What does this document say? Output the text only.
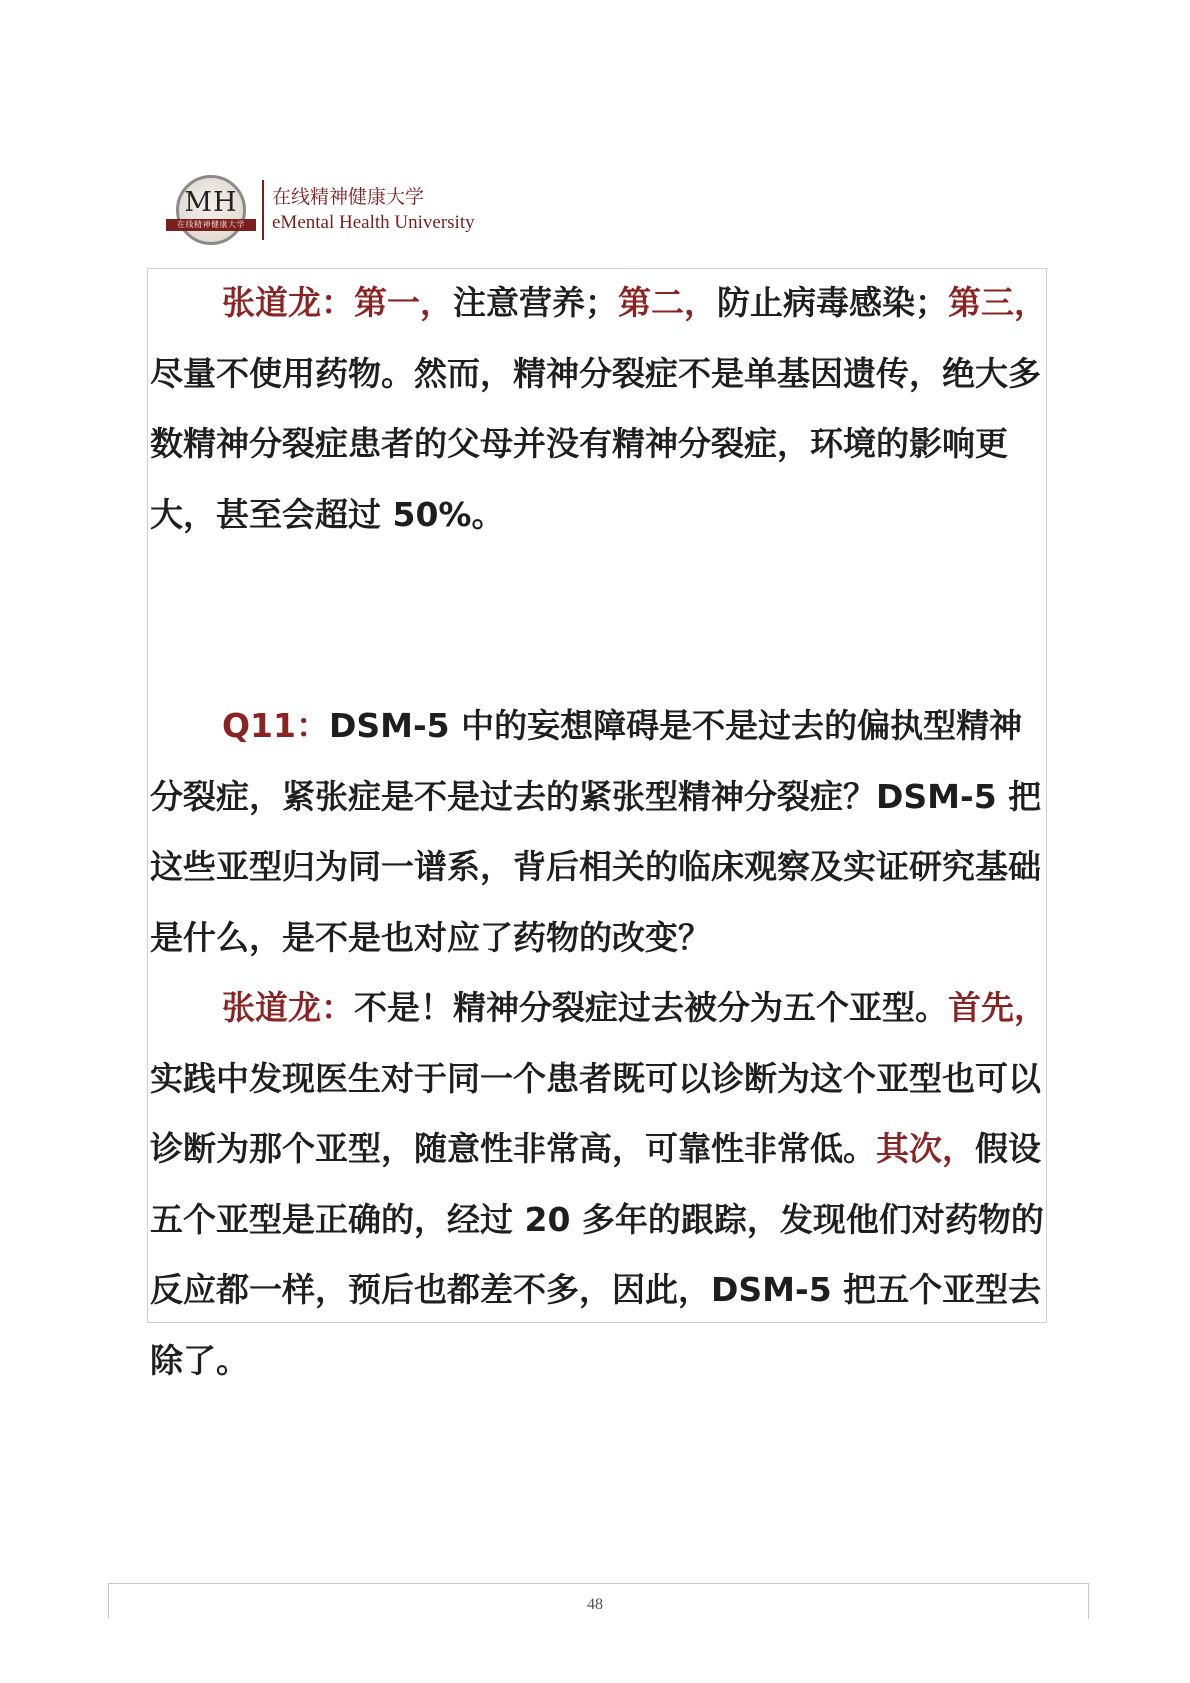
MH
在线精神健康大学
在线精神健康大学
eMental Health University

张道龙：第一，注意营养；第二，防止病毒感染；第三，尽量不使用药物。然而，精神分裂症不是单基因遗传，绝大多数精神分裂症患者的父母并没有精神分裂症，环境的影响更大，甚至会超过 50%。

Q11：DSM-5 中的妄想障碍是不是过去的偏执型精神分裂症，紧张症是不是过去的紧张型精神分裂症？DSM-5 把这些亚型归为同一谱系，背后相关的临床观察及实证研究基础是什么，是不是也对应了药物的改变？

张道龙：不是！精神分裂症过去被分为五个亚型。首先，实践中发现医生对于同一个患者既可以诊断为这个亚型也可以诊断为那个亚型，随意性非常高，可靠性非常低。其次，假设五个亚型是正确的，经过 20 多年的跟踪，发现他们对药物的反应都一样，预后也都差不多，因此，DSM-5 把五个亚型去除了。

48
